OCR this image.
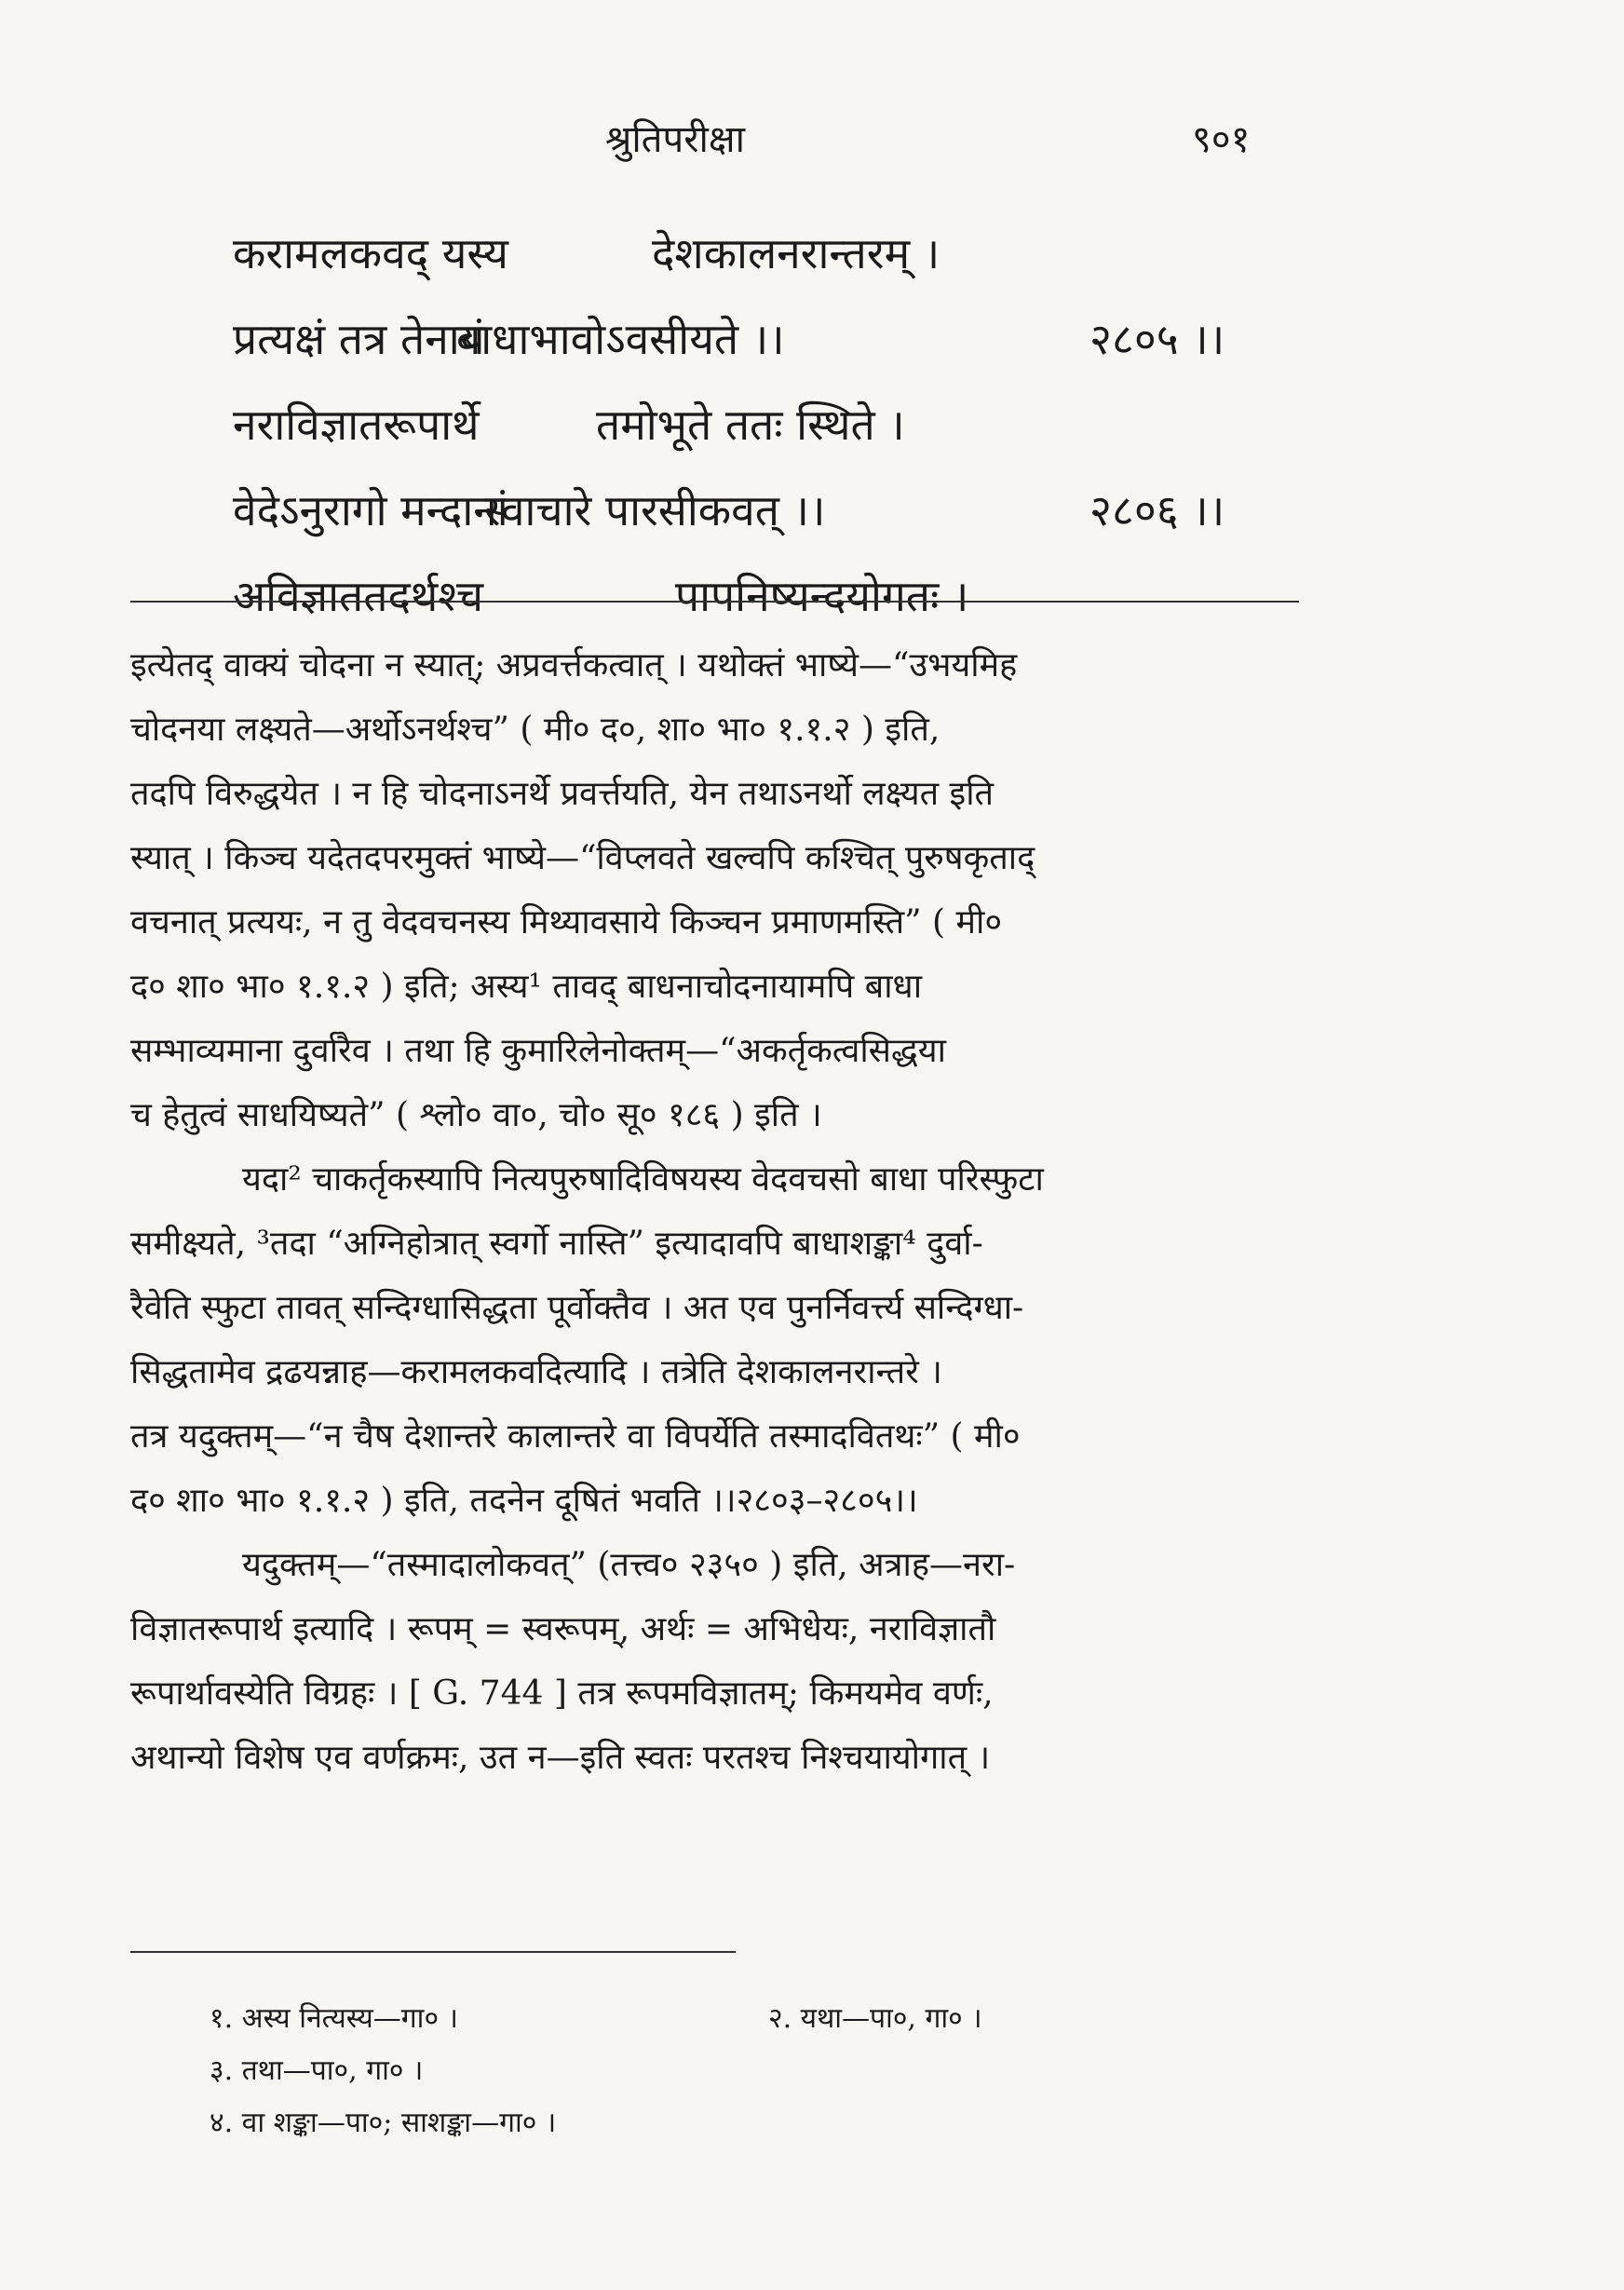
श्रुतिपरीक्षा	९०१
करामलकवद् यस्य	देशकालनरान्तरम् ।
प्रत्यक्षं तत्र तेनायं
बाधाभावोऽवसीयते ।।	२८०५ ।।
नराविज्ञातरूपार्थे	तमोभूते ततः स्थिते ।
वेदेऽनुरागो मन्दानां
स्वाचारे पारसीकवत् ।।	२८०६ ।।
अविज्ञाततदर्थश्च	पापनिष्यन्दयोगतः ।
इत्येतद् वाक्यं चोदना न स्यात्; अप्रवर्त्तकत्वात् । यथोक्तं भाष्ये—“उभयमिह
चोदनया लक्ष्यते—अर्थोऽनर्थश्च” ( मी० द०, शा० भा० १.१.२ ) इति,
तदपि विरुद्धयेत । न हि चोदनाऽनर्थे प्रवर्त्तयति, येन तथाऽनर्थो लक्ष्यत इति
स्यात् । किञ्च यदेतदपरमुक्तं भाष्ये—“विप्लवते खल्वपि कश्चित् पुरुषकृताद्
वचनात् प्रत्ययः, न तु वेदवचनस्य मिथ्यावसाये किञ्चन प्रमाणमस्ति” ( मी०
द० शा० भा० १.१.२ ) इति; अस्य¹ तावद् बाधनाचोदनायामपि बाधा
सम्भाव्यमाना दुर्वारैव । तथा हि कुमारिलेनोक्तम्—“अकर्तृकत्वसिद्धया
च हेतुत्वं साधयिष्यते” ( श्लो० वा०, चो० सू० १८६ ) इति ।
यदा² चाकर्तृकस्यापि नित्यपुरुषादिविषयस्य वेदवचसो बाधा परिस्फुटा
समीक्ष्यते, ³तदा “अग्निहोत्रात् स्वर्गो नास्ति” इत्यादावपि बाधाशङ्का⁴ दुर्वा-
रैवेति स्फुटा तावत् सन्दिग्धासिद्धता पूर्वोक्तैव । अत एव पुनर्निवर्त्त्य सन्दिग्धा-
सिद्धतामेव द्रढयन्नाह—करामलकवदित्यादि । तत्रेति देशकालनरान्तरे ।
तत्र यदुक्तम्—“न चैष देशान्तरे कालान्तरे वा विपर्येति तस्मादवितथः” ( मी०
द० शा० भा० १.१.२ ) इति, तदनेन दूषितं भवति ।।२८०३–२८०५।।
यदुक्तम्—“तस्मादालोकवत्” (तत्त्व० २३५० ) इति, अत्राह—नरा-
विज्ञातरूपार्थ इत्यादि । रूपम् = स्वरूपम्, अर्थः = अभिधेयः, नराविज्ञातौ
रूपार्थावस्येति विग्रहः । [ G. 744 ] तत्र रूपमविज्ञातम्; किमयमेव वर्णः,
अथान्यो विशेष एव वर्णक्रमः, उत न—इति स्वतः परतश्च निश्चयायोगात् ।
१. अस्य नित्यस्य—गा० ।	२. यथा—पा०, गा० ।
३. तथा—पा०, गा० ।
४. वा शङ्का—पा०; साशङ्का—गा० ।
